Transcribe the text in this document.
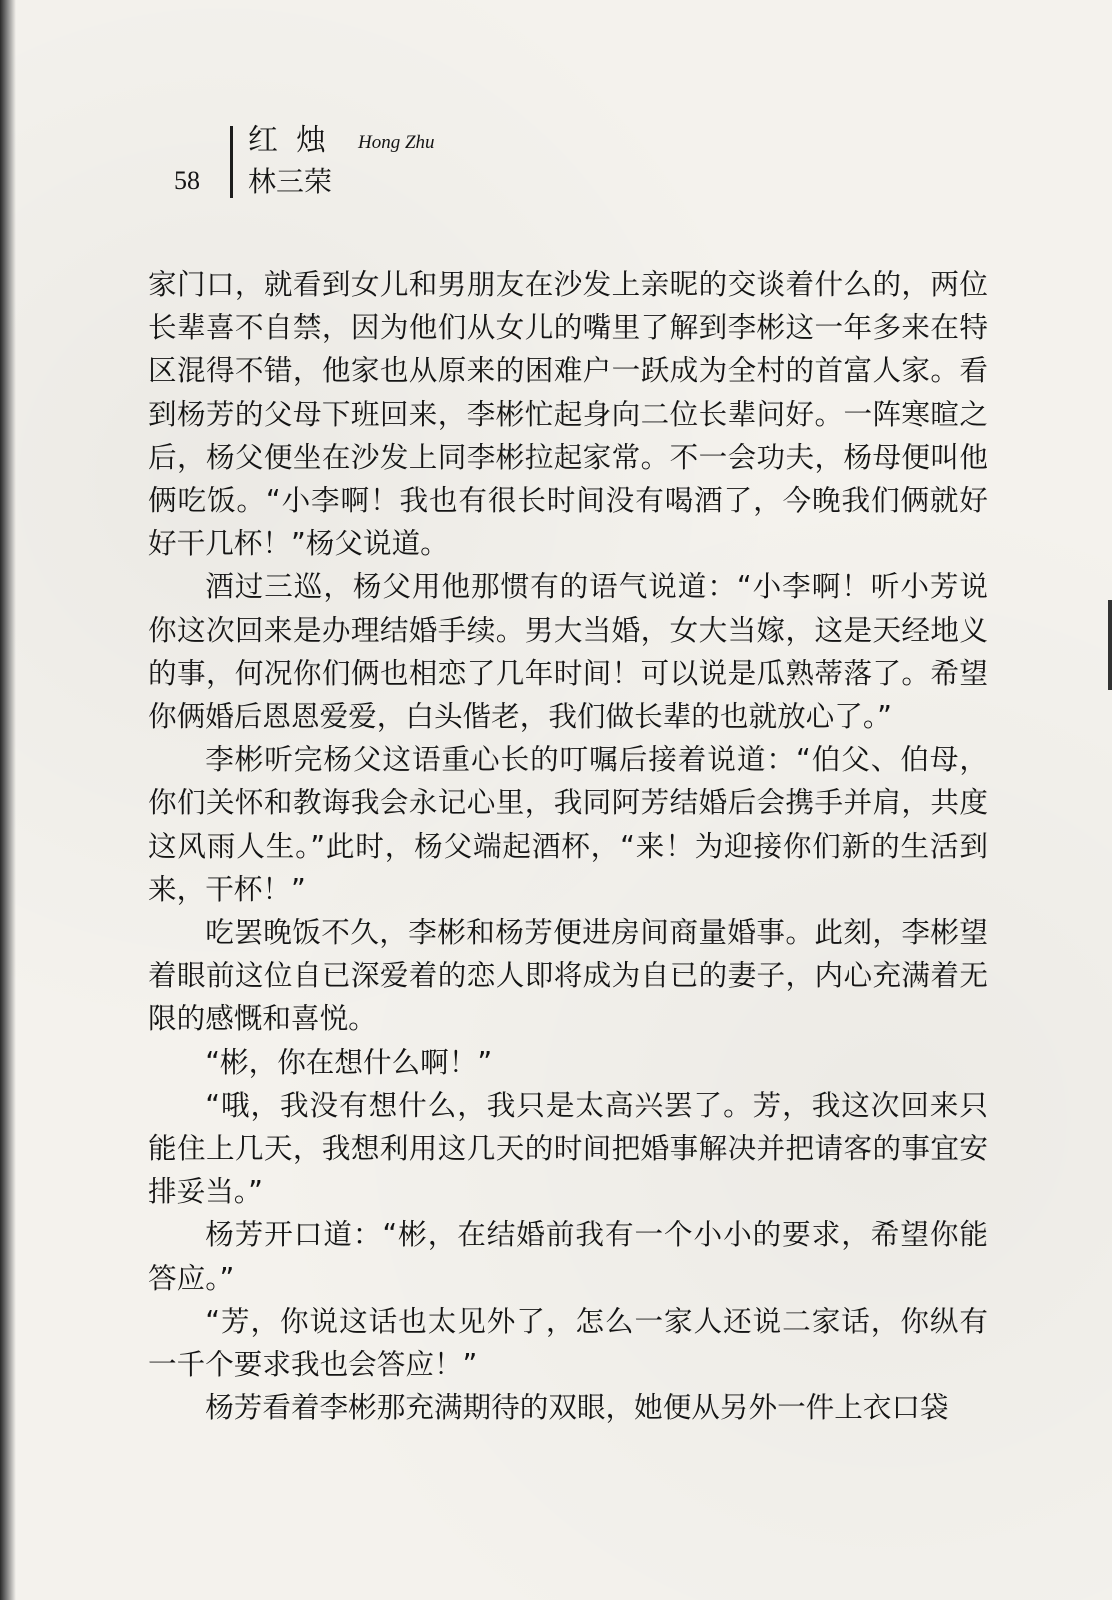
58
红烛 Hong Zhu
林三荣

家门口，就看到女儿和男朋友在沙发上亲昵的交谈着什么的，两位长辈喜不自禁，因为他们从女儿的嘴里了解到李彬这一年多来在特区混得不错，他家也从原来的困难户一跃成为全村的首富人家。看到杨芳的父母下班回来，李彬忙起身向二位长辈问好。一阵寒暄之后，杨父便坐在沙发上同李彬拉起家常。不一会功夫，杨母便叫他俩吃饭。“小李啊！我也有很长时间没有喝酒了，今晚我们俩就好好干几杯！”杨父说道。

酒过三巡，杨父用他那惯有的语气说道：“小李啊！听小芳说你这次回来是办理结婚手续。男大当婚，女大当嫁，这是天经地义的事，何况你们俩也相恋了几年时间！可以说是瓜熟蒂落了。希望你俩婚后恩恩爱爱，白头偕老，我们做长辈的也就放心了。”

李彬听完杨父这语重心长的叮嘱后接着说道：“伯父、伯母，你们关怀和教诲我会永记心里，我同阿芳结婚后会携手并肩，共度这风雨人生。”此时，杨父端起酒杯，“来！为迎接你们新的生活到来，干杯！”

吃罢晚饭不久，李彬和杨芳便进房间商量婚事。此刻，李彬望着眼前这位自已深爱着的恋人即将成为自已的妻子，内心充满着无限的感慨和喜悦。

“彬，你在想什么啊！”

“哦，我没有想什么，我只是太高兴罢了。芳，我这次回来只能住上几天，我想利用这几天的时间把婚事解决并把请客的事宜安排妥当。”

杨芳开口道：“彬，在结婚前我有一个小小的要求，希望你能答应。”

“芳，你说这话也太见外了，怎么一家人还说二家话，你纵有一千个要求我也会答应！”

杨芳看着李彬那充满期待的双眼，她便从另外一件上衣口袋
